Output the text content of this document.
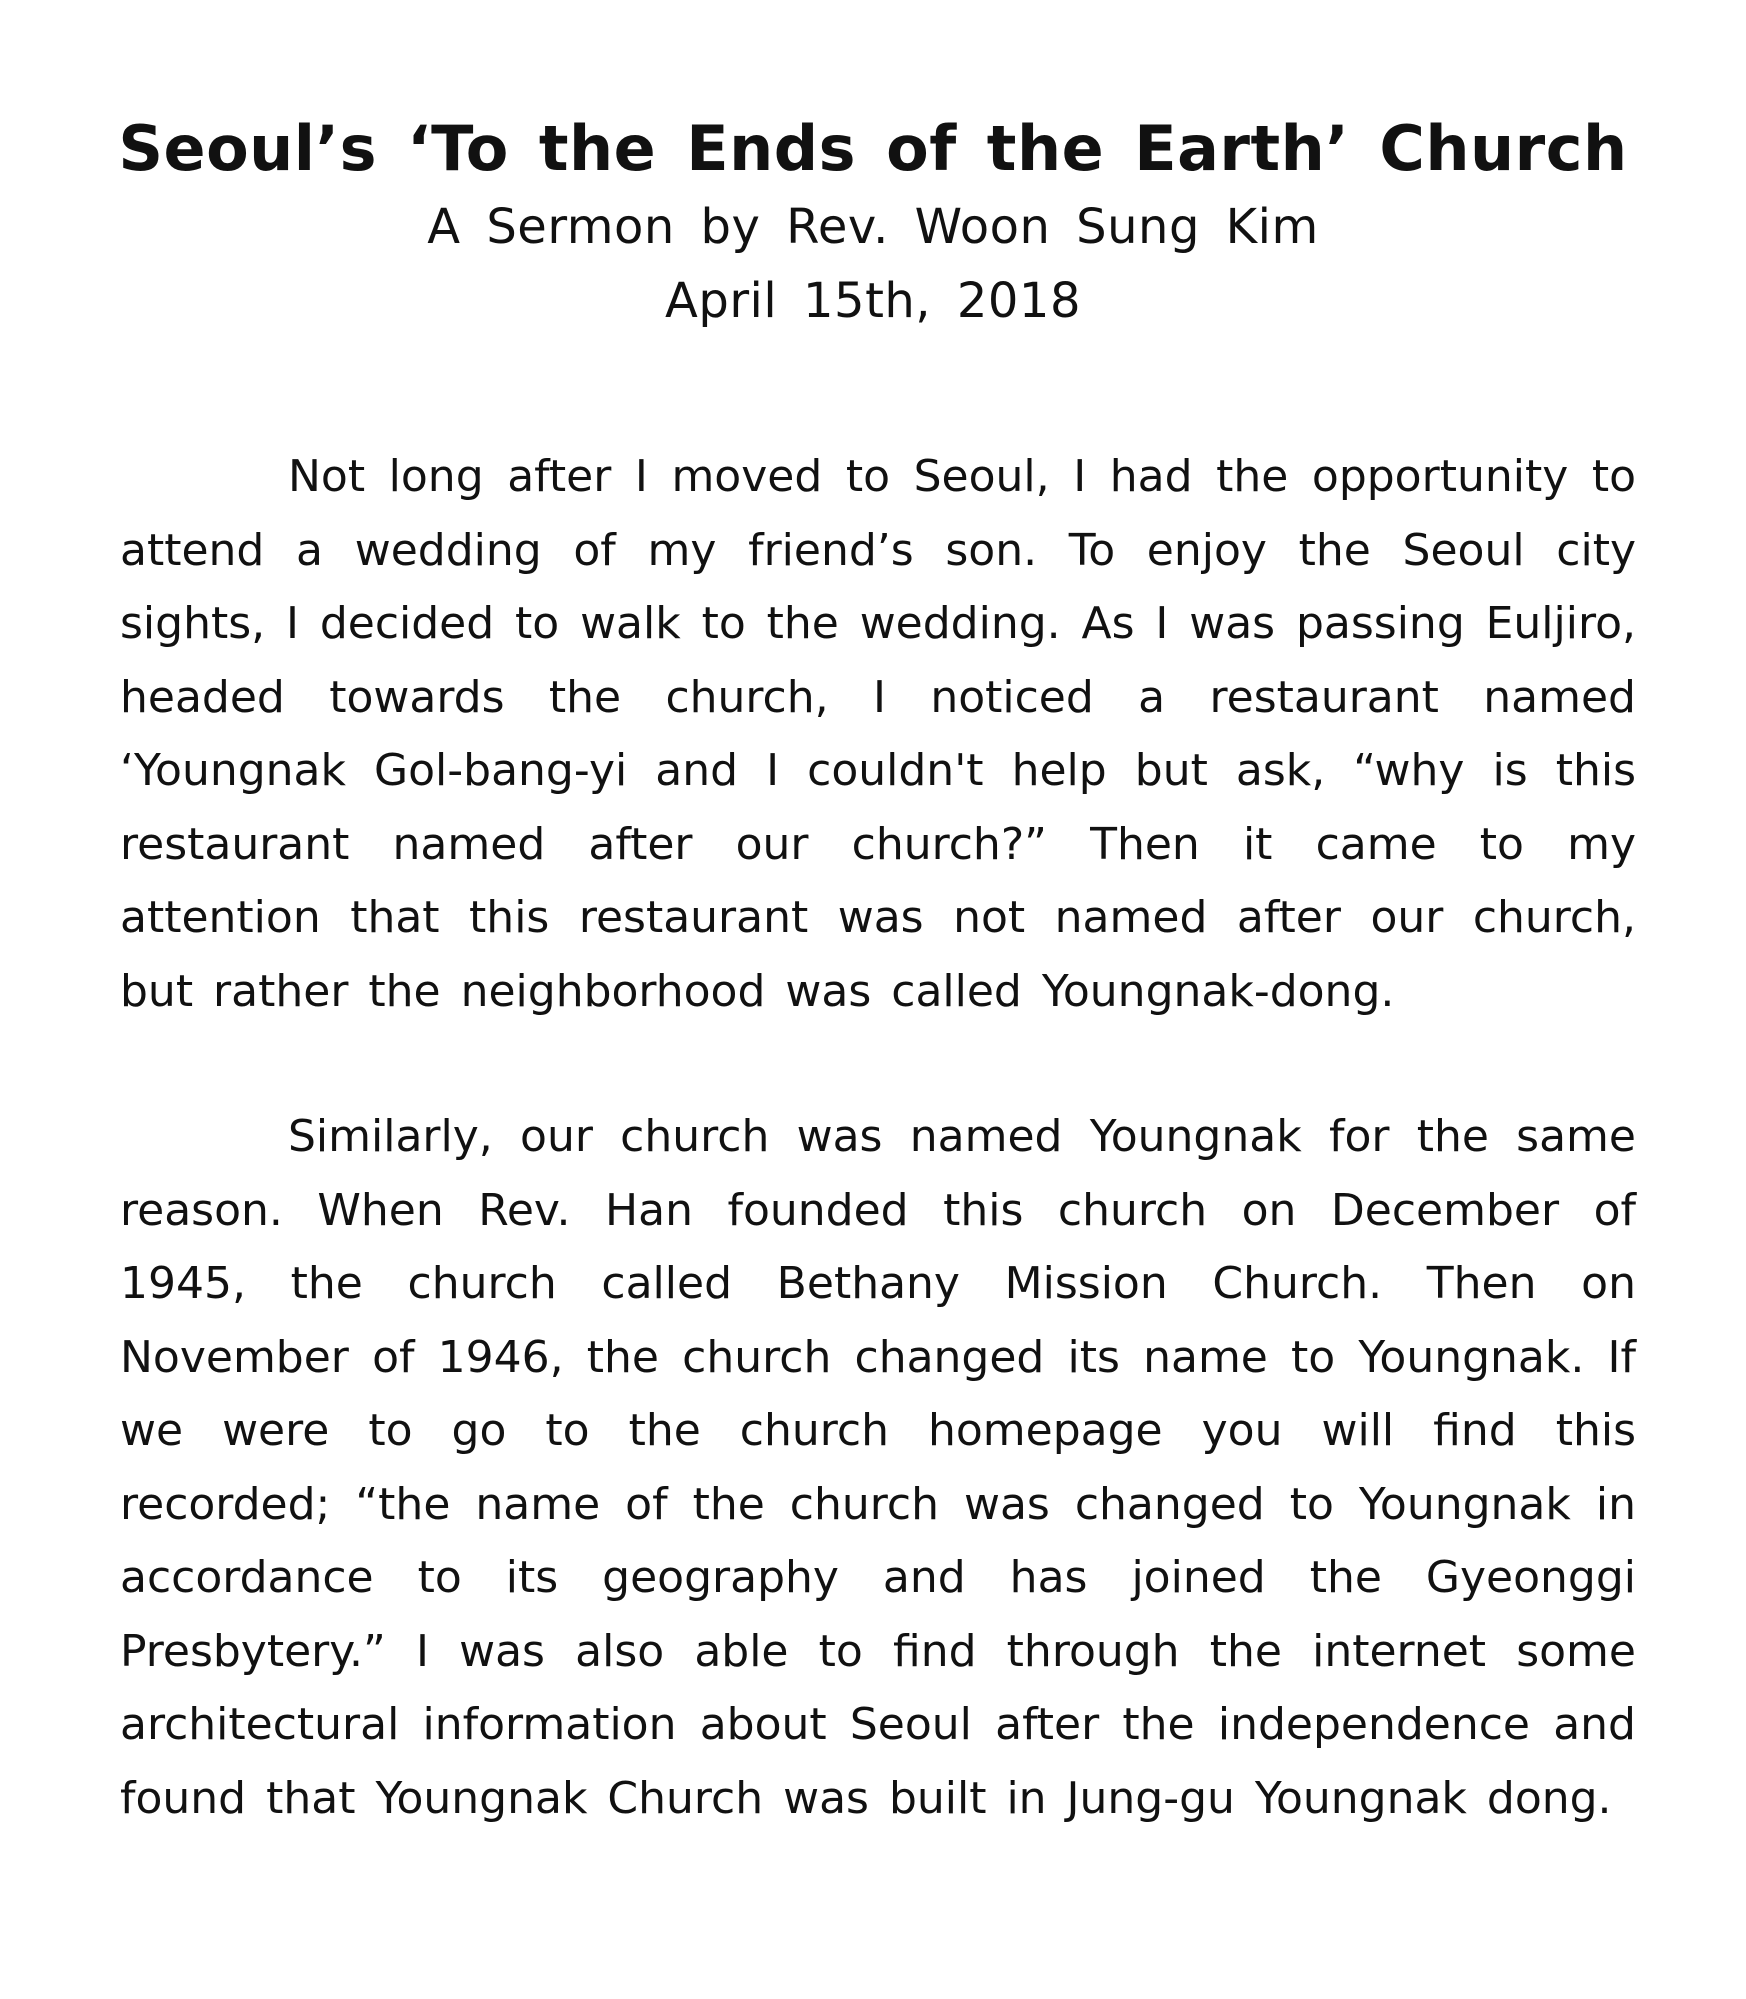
Seoul’s ‘To the Ends of the Earth’ Church

A Sermon by Rev. Woon Sung Kim

April 15th, 2018

Not long after I moved to Seoul, I had the opportunity to attend a wedding of my friend’s son. To enjoy the Seoul city sights, I decided to walk to the wedding. As I was passing Euljiro, headed towards the church, I noticed a restaurant named ‘Youngnak Gol-bang-yi and I couldn't help but ask, “why is this restaurant named after our church?” Then it came to my attention that this restaurant was not named after our church, but rather the neighborhood was called Youngnak-dong.

Similarly, our church was named Youngnak for the same reason. When Rev. Han founded this church on December of 1945, the church called Bethany Mission Church. Then on November of 1946, the church changed its name to Youngnak. If we were to go to the church homepage you will find this recorded; “the name of the church was changed to Youngnak in accordance to its geography and has joined the Gyeonggi Presbytery.” I was also able to find through the internet some architectural information about Seoul after the independence and found that Youngnak Church was built in Jung-gu Youngnak dong.
